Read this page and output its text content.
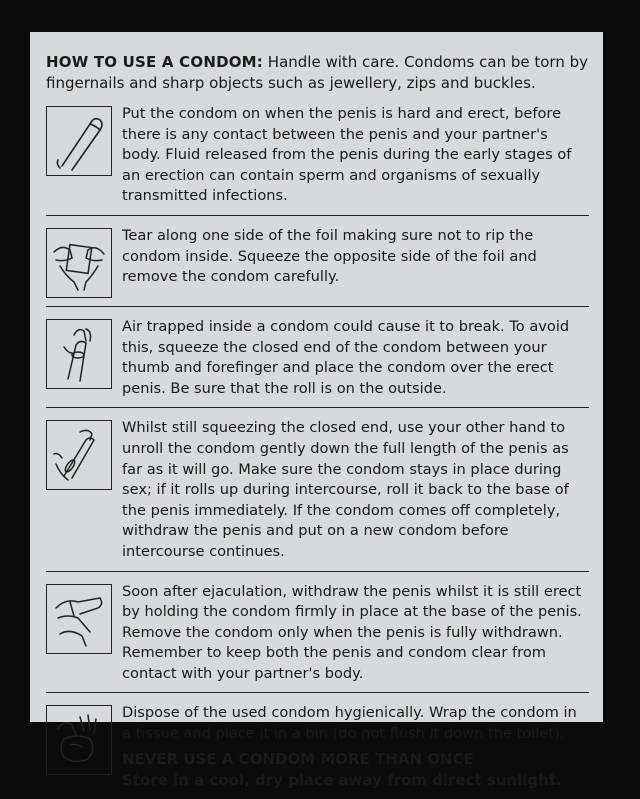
HOW TO USE A CONDOM: Handle with care. Condoms can be torn by fingernails and sharp objects such as jewellery, zips and buckles.

Put the condom on when the penis is hard and erect, before there is any contact between the penis and your partner's body. Fluid released from the penis during the early stages of an erection can contain sperm and organisms of sexually transmitted infections.
Tear along one side of the foil making sure not to rip the condom inside. Squeeze the opposite side of the foil and remove the condom carefully.
Air trapped inside a condom could cause it to break. To avoid this, squeeze the closed end of the condom between your thumb and forefinger and place the condom over the erect penis. Be sure that the roll is on the outside.
Whilst still squeezing the closed end, use your other hand to unroll the condom gently down the full length of the penis as far as it will go. Make sure the condom stays in place during sex; if it rolls up during intercourse, roll it back to the base of the penis immediately. If the condom comes off completely, withdraw the penis and put on a new condom before intercourse continues.
Soon after ejaculation, withdraw the penis whilst it is still erect by holding the condom firmly in place at the base of the penis. Remove the condom only when the penis is fully withdrawn. Remember to keep both the penis and condom clear from contact with your partner's body.
Dispose of the used condom hygienically. Wrap the condom in a tissue and place it in a bin (do not flush it down the toilet).
NEVER USE A CONDOM MORE THAN ONCE
Store in a cool, dry place away from direct sunlight.
